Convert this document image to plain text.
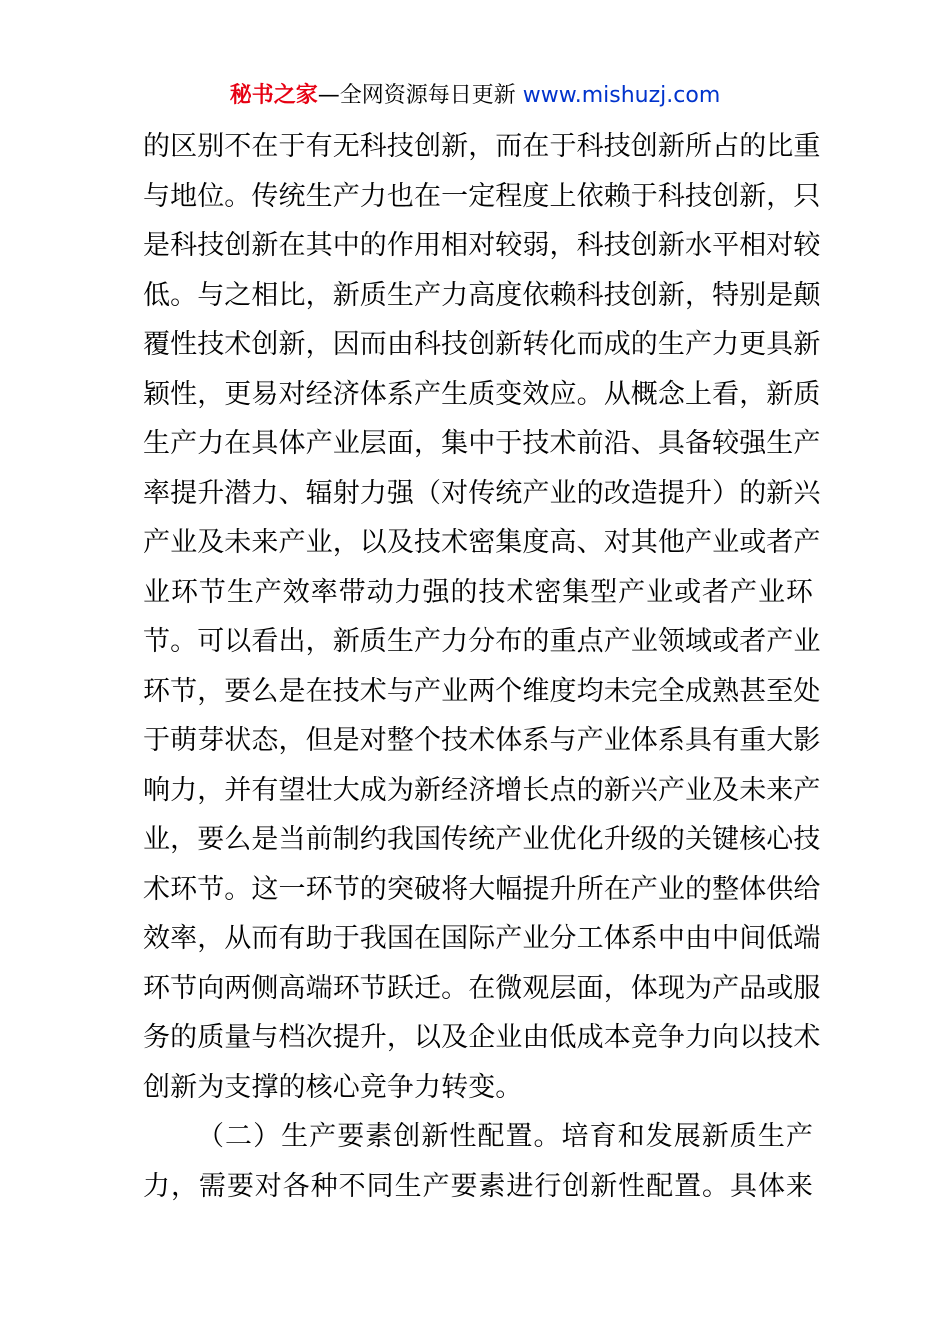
秘书之家—全网资源每日更新 www.mishuzj.com
的区别不在于有无科技创新，而在于科技创新所占的比重
与地位。传统生产力也在一定程度上依赖于科技创新，只
是科技创新在其中的作用相对较弱，科技创新水平相对较
低。与之相比，新质生产力高度依赖科技创新，特别是颠
覆性技术创新，因而由科技创新转化而成的生产力更具新
颖性，更易对经济体系产生质变效应。从概念上看，新质
生产力在具体产业层面，集中于技术前沿、具备较强生产
率提升潜力、辐射力强（对传统产业的改造提升）的新兴
产业及未来产业，以及技术密集度高、对其他产业或者产
业环节生产效率带动力强的技术密集型产业或者产业环
节。可以看出，新质生产力分布的重点产业领域或者产业
环节，要么是在技术与产业两个维度均未完全成熟甚至处
于萌芽状态，但是对整个技术体系与产业体系具有重大影
响力，并有望壮大成为新经济增长点的新兴产业及未来产
业，要么是当前制约我国传统产业优化升级的关键核心技
术环节。这一环节的突破将大幅提升所在产业的整体供给
效率，从而有助于我国在国际产业分工体系中由中间低端
环节向两侧高端环节跃迁。在微观层面，体现为产品或服
务的质量与档次提升，以及企业由低成本竞争力向以技术
创新为支撑的核心竞争力转变。
（二）生产要素创新性配置。培育和发展新质生产
力，需要对各种不同生产要素进行创新性配置。具体来
